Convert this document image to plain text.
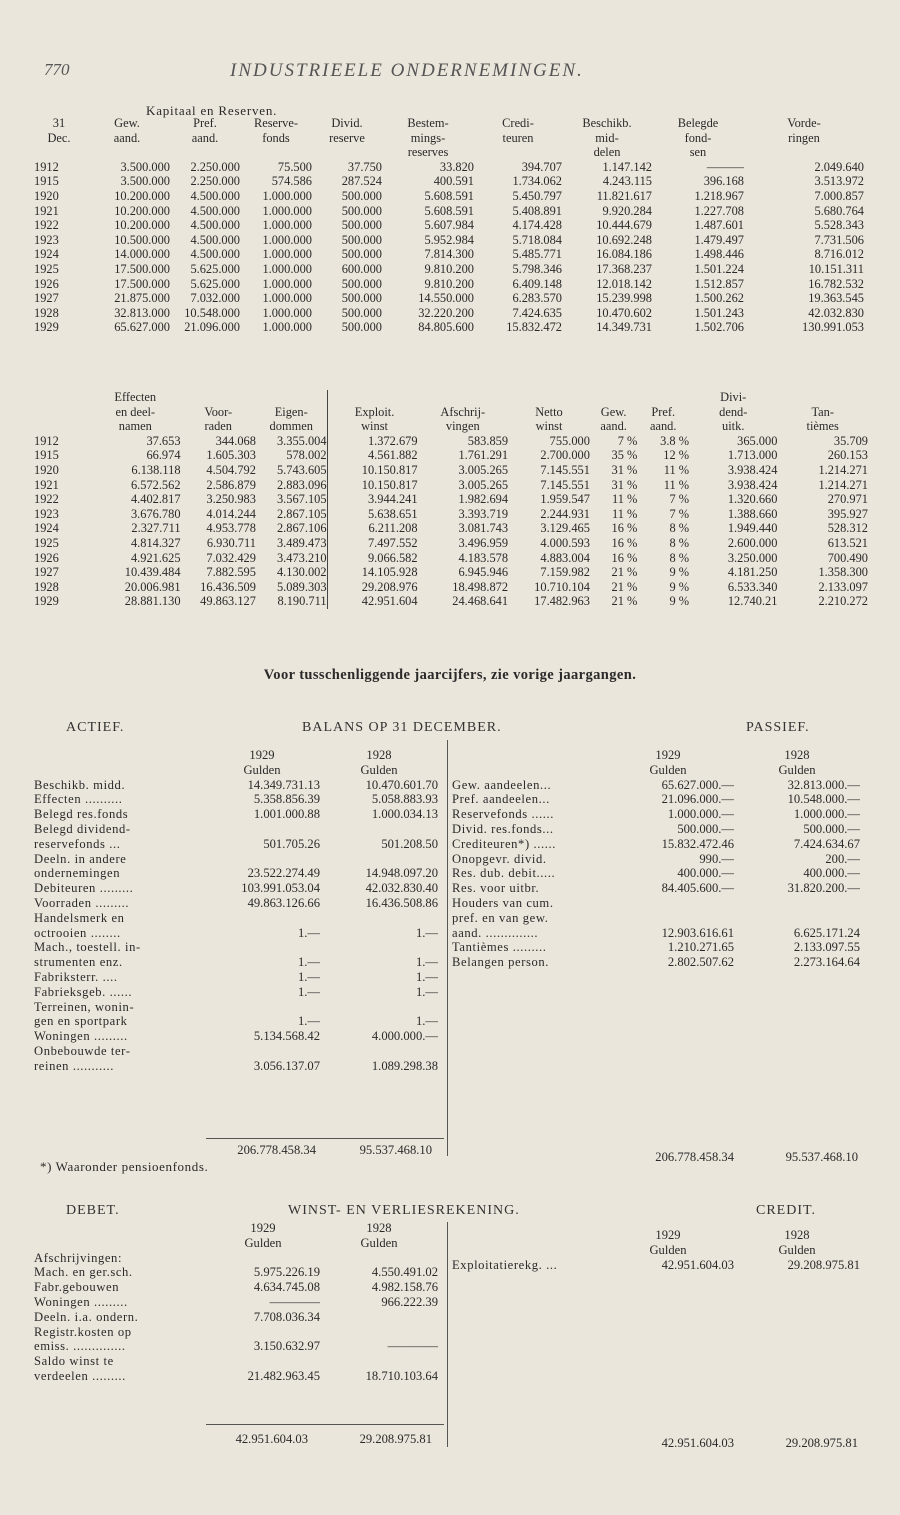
770	INDUSTRIEELE ONDERNEMINGEN.
Kapitaal en Reserven.
31	Gew.	Pref.	Reserve-	Divid.	Bestem-	Credi-	Beschikb.	Belegde	Vorde-
Dec.	aand.	aand.	fonds	reserve	mings-	teuren	mid-	fond-	ringen
					reserves		delen	sen	
1912	3.500.000	2.250.000	75.500	37.750	33.820	394.707	1.147.142	———	2.049.640
1915	3.500.000	2.250.000	574.586	287.524	400.591	1.734.062	4.243.115	396.168	3.513.972
1920	10.200.000	4.500.000	1.000.000	500.000	5.608.591	5.450.797	11.821.617	1.218.967	7.000.857
1921	10.200.000	4.500.000	1.000.000	500.000	5.608.591	5.408.891	9.920.284	1.227.708	5.680.764
1922	10.200.000	4.500.000	1.000.000	500.000	5.607.984	4.174.428	10.444.679	1.487.601	5.528.343
1923	10.500.000	4.500.000	1.000.000	500.000	5.952.984	5.718.084	10.692.248	1.479.497	7.731.506
1924	14.000.000	4.500.000	1.000.000	500.000	7.814.300	5.485.771	16.084.186	1.498.446	8.716.012
1925	17.500.000	5.625.000	1.000.000	600.000	9.810.200	5.798.346	17.368.237	1.501.224	10.151.311
1926	17.500.000	5.625.000	1.000.000	500.000	9.810.200	6.409.148	12.018.142	1.512.857	16.782.532
1927	21.875.000	7.032.000	1.000.000	500.000	14.550.000	6.283.570	15.239.998	1.500.262	19.363.545
1928	32.813.000	10.548.000	1.000.000	500.000	32.220.200	7.424.635	10.470.602	1.501.243	42.032.830
1929	65.627.000	21.096.000	1.000.000	500.000	84.805.600	15.832.472	14.349.731	1.502.706	130.991.053
	Effecten								Divi-	
	en deel-	Voor-	Eigen-	Exploit.	Afschrij-	Netto	Gew.	Pref.	dend-	Tan-
	namen	raden	dommen	winst	vingen	winst	aand.	aand.	uitk.	tièmes
1912	37.653	344.068	3.355.004	1.372.679	583.859	755.000	7 %	3.8 %	365.000	35.709
1915	66.974	1.605.303	578.002	4.561.882	1.761.291	2.700.000	35 %	12 %	1.713.000	260.153
1920	6.138.118	4.504.792	5.743.605	10.150.817	3.005.265	7.145.551	31 %	11 %	3.938.424	1.214.271
1921	6.572.562	2.586.879	2.883.096	10.150.817	3.005.265	7.145.551	31 %	11 %	3.938.424	1.214.271
1922	4.402.817	3.250.983	3.567.105	3.944.241	1.982.694	1.959.547	11 %	7 %	1.320.660	270.971
1923	3.676.780	4.014.244	2.867.105	5.638.651	3.393.719	2.244.931	11 %	7 %	1.388.660	395.927
1924	2.327.711	4.953.778	2.867.106	6.211.208	3.081.743	3.129.465	16 %	8 %	1.949.440	528.312
1925	4.814.327	6.930.711	3.489.473	7.497.552	3.496.959	4.000.593	16 %	8 %	2.600.000	613.521
1926	4.921.625	7.032.429	3.473.210	9.066.582	4.183.578	4.883.004	16 %	8 %	3.250.000	700.490
1927	10.439.484	7.882.595	4.130.002	14.105.928	6.945.946	7.159.982	21 %	9 %	4.181.250	1.358.300
1928	20.006.981	16.436.509	5.089.303	29.208.976	18.498.872	10.710.104	21 %	9 %	6.533.340	2.133.097
1929	28.881.130	49.863.127	8.190.711	42.951.604	24.468.641	17.482.963	21 %	9 %	12.740.21	2.210.272
Voor tusschenliggende jaarcijfers, zie vorige jaargangen.
ACTIEF.	BALANS OP 31 DECEMBER.	PASSIEF.
	1929	1928
	Gulden	Gulden
Beschikb. midd.	14.349.731.13	10.470.601.70
Effecten ..........	5.358.856.39	5.058.883.93
Belegd res.fonds	1.001.000.88	1.000.034.13
Belegd dividend-		
reservefonds ...	501.705.26	501.208.50
Deeln. in andere		
ondernemingen	23.522.274.49	14.948.097.20
Debiteuren .........	103.991.053.04	42.032.830.40
Voorraden .........	49.863.126.66	16.436.508.86
Handelsmerk en		
octrooien ........	1.—	1.—
Mach., toestell. in-		
strumenten enz.	1.—	1.—
Fabriksterr. ....	1.—	1.—
Fabrieksgeb. ......	1.—	1.—
Terreinen, wonin-		
gen en sportpark	1.—	1.—
Woningen .........	5.134.568.42	4.000.000.—
Onbebouwde ter-		
reinen ...........	3.056.137.07	1.089.298.38
	1929	1928
	Gulden	Gulden
Gew. aandeelen...	65.627.000.—	32.813.000.—
Pref. aandeelen...	21.096.000.—	10.548.000.—
Reservefonds ......	1.000.000.—	1.000.000.—
Divid. res.fonds...	500.000.—	500.000.—
Crediteuren*) ......	15.832.472.46	7.424.634.67
Onopgevr. divid.	990.—	200.—
Res. dub. debit.....	400.000.—	400.000.—
Res. voor uitbr.	84.405.600.—	31.820.200.—
Houders van cum.		
pref. en van gew.		
aand. ..............	12.903.616.61	6.625.171.24
Tantièmes .........	1.210.271.65	2.133.097.55
Belangen person.	2.802.507.62	2.273.164.64
206.778.458.34	95.537.468.10	206.778.458.34	95.537.468.10
*) Waaronder pensioenfonds.
DEBET.	WINST- EN VERLIESREKENING.	CREDIT.
	1929	1928
	Gulden	Gulden
Afschrijvingen:		
Mach. en ger.sch.	5.975.226.19	4.550.491.02
Fabr.gebouwen	4.634.745.08	4.982.158.76
Woningen .........	————	966.222.39
Deeln. i.a. ondern.	7.708.036.34	
Registr.kosten op		
emiss. ..............	3.150.632.97	————
Saldo winst te		
verdeelen .........	21.482.963.45	18.710.103.64
	1929	1928
	Gulden	Gulden
Exploitatierekg. ...	42.951.604.03	29.208.975.81
42.951.604.03	29.208.975.81	42.951.604.03	29.208.975.81
